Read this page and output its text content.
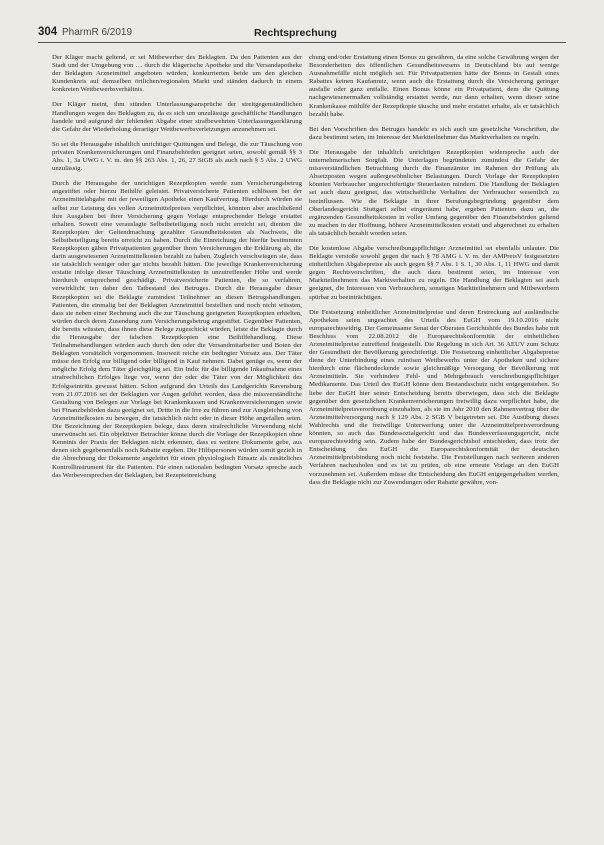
304 PharmR 6/2019	Rechtsprechung

Der Kläger macht geltend, er sei Mitbewerber des Beklagten. Da den Patienten aus der Stadt und der Umgebung von … durch die klägerische Apotheke und die Versandapotheke der Beklagten Arzneimittel angeboten würden, konkurrierten beide um den gleichen Kundenkreis auf demselben örtlichen/regionalen Markt und ständen dadurch in einem konkreten Wettbewerbsverhältnis.

Der Kläger meint, ihm stünden Unterlassungsansprüche der streitgegenständlichen Handlungen wegen des Beklagten zu, da es sich um unzulässige geschäftliche Handlungen handele und aufgrund der fehlenden Abgabe einer strafbewehrten Unterlassungserklärung die Gefahr der Wiederholung derartiger Wettbewerbsverletzungen anzunehmen sei.

So sei die Herausgabe inhaltlich unrichtiger Quittungen und Belege, die zur Täuschung von privaten Krankenversicherungen und Finanzbehörden geeignet seien, sowohl gemäß §§ 3 Abs. 1, 3a UWG i. V. m. den §§ 263 Abs. 1, 26, 27 StGB als auch nach § 5 Abs. 2 UWG unzulässig.

Durch die Herausgabe der unrichtigen Rezeptkopien werde zum Versicherungsbetrug angestiftet oder hierzu Beihilfe geleistet. Privatversicherte Patienten schlössen bei der Arzneimittelabgabe mit der jeweiligen Apotheke einen Kaufvertrag. Hierdurch würden sie selbst zur Leistung des vollen Arzneimittelpreises verpflichtet, könnten aber anschließend ihre Ausgaben bei ihrer Versicherung gegen Vorlage entsprechender Belege erstattet erhalten. Soweit eine verauslagte Selbstbeteiligung noch nicht erreicht sei, dienten die Rezeptkopien der Geltendmachung gezahlter Gesundheitskosten als Nachweis, die Selbstbeteiligung bereits erreicht zu haben. Durch die Einreichung der hierfür bestimmten Rezeptkopien gäben Privatpatienten gegenüber ihren Versicherungen die Erklärung ab, die darin ausgewiesenen Arzneimittelkosten bezahlt zu haben. Zugleich verschwiegen sie, dass sie tatsächlich weniger oder gar nichts bezahlt hätten. Die jeweilige Krankenversicherung erstatte infolge dieser Täuschung Arzneimittelkosten in unzutreffender Höhe und werde hierdurch entsprechend geschädigt. Privatversicherte Patienten, die so verfahren, verwirklicht ten daher den Tatbestand des Betruges. Durch die Herausgabe dieser Rezeptkopien sei die Beklagte zumindest Teilnehmer an diesen Betrugshandlungen. Patienten, die einmalig bei der Beklagten Arzneimittel bestellten und noch nicht wüssten, dass sie neben einer Rechnung auch die zur Täuschung geeigneten Rezeptkopien erhielten, würden durch deren Zusendung zum Versicherungsbetrug angestiftet. Gegenüber Patienten, die bereits wüssten, dass ihnen diese Belege zugeschickt würden, leiste die Beklagte durch die Herausgabe der falschen Rezeptkopien eine Beihilfehandlung. Diese Teilnahmehandlungen würden auch durch den oder die Versandmitarbeiter und Boten der Beklagten vorsätzlich vorgenommen. Insoweit reiche ein bedingter Vorsatz aus. Der Täter müsse den Erfolg nur billigend oder billigend in Kauf nehmen. Dabei genüge es, wenn der mögliche Erfolg dem Täter gleichgültig sei. Ein Indiz für die billigende Inkaufnahme eines strafrechtlichen Erfolges liege vor, wenn der oder die Täter von der Möglichkeit des Erfolgseintritts gewusst hätten. Schon aufgrund des Urteils des Landgerichts Ravensburg vom 21.07.2016 sei der Beklagten vor Augen geführt worden, dass die missverständliche Gestaltung von Belegen zur Vorlage bei Krankenkassen und Krankenversicherungen sowie bei Finanzbehörden dazu geeignet sei, Dritte in die Irre zu führen und zur Ausgleichung von Arzneimittelkosten zu bewegen, die tatsächlich nicht oder in dieser Höhe angefallen seien. Die Bezeichnung der Rezeptkopien belege, dass deren strafrechtliche Verwendung nicht unerwünscht sei. Ein objektiver Betrachter könne durch die Vorlage der Rezeptkopien ohne Kenntnis der Praxis der Beklagten nicht erkennen, dass es weitere Dokumente gebe, aus denen sich gegebenenfalls noch Rabatte ergeben. Die Hilfspersonen würden somit gezielt in die Abrechnung der Dokumente angeleitet für einen physiologisch Einsatz als zusätzliches Kontrollinstrument für die Patienten. Für einen rationalen bedingten Vorsatz spreche auch das Werbeversprechen der Beklagten, bei Rezepteinreichung

chung und/oder Erstattung einen Bonus zu gewähren, da eine solche Gewährung wegen der Besonderheiten des öffentlichen Gesundheitswesens in Deutschland bis auf wenige Ausnahmefälle nicht möglich sei. Für Privatpatienten hätte der Bonus in Gestalt eines Rabattes keinen Kaufanreiz, wenn auch die Erstattung durch die Versicherung geringer ausfalle oder ganz entfalle. Einen Bonus könne ein Privatpatient, dem die Quittung nachgewiesenermaßen vollständig erstattet werde, nur dann erhalten, wenn dieser seine Krankenkasse mithilfe der Rezeptkopie täusche und mehr erstattet erhalte, als er tatsächlich bezahlt habe.

Bei den Vorschriften des Betruges handele es sich auch um gesetzliche Vorschriften, die dazu bestimmt seien, im Interesse der Marktteilnehmer das Marktverhalten zu regeln.

Die Herausgabe der inhaltlich unrichtigen Rezeptkopien widerspreche auch der unternehmerischen Sorgfalt. Die Unterlagen begründeten zumindest die Gefahr der missverständlichen Betrachtung durch die Finanzämter im Rahmen der Prüfung als Absetzposten wegen außergewöhnlicher Belastungen. Durch Vorlage der Rezeptkopien könnten Verbraucher ungerechtfertigte Steuerlasten mindern. Die Handlung der Beklagten sei auch dazu geeignet, das wirtschaftliche Verhalten der Verbraucher wesentlich zu beeinflussen. Wie die Beklagte in ihrer Berufungsbegründung gegenüber dem Oberlandesgericht Stuttgart selbst eingeräumt habe, ergeben Patienten dazu an, die ergänzenden Gesundheitskosten in voller Umfang gegenüber den Finanzbehörden geltend zu machen in der Hoffnung, höhere Arzneimittelkosten erstatt und abgerechnet zu erhalten als tatsächlich bezahlt worden seien.

Die kostenlose Abgabe verschreibungspflichtiger Arzneimittel sei ebenfalls unlauter. Die Beklagte verstoße sowohl gegen die nach § 78 AMG i. V. m. der AMPreisV festgesetzten einheitlichen Abgabepreise als auch gegen §§ 7 Abs. 1 S. 1, 30 Abs. 1, 11 HWG und damit gegen Rechtsvorschriften, die auch dazu bestimmt seien, im Interesse von Marktteilnehmern das Marktverhalten zu regeln. Die Handlung der Beklagten sei auch geeignet, die Interessen von Verbrauchern, sonstigen Marktteilnehmern und Mitbewerbern spürbar zu beeinträchtigen.

Die Festsetzung einheitlicher Arzneimittelpreise und deren Erstreckung auf ausländische Apotheken seien ungeachtet des Urteils des EuGH vom 19.10.2016 nicht europarechtswidrig. Der Gemeinsame Senat der Obersten Gerichtshöfe des Bundes habe mit Beschluss vom 22.08.2012 die Europarechtskonformität der einheitlichen Arzneimittelpreise zutreffend festgestellt. Die Regelung in sich Art. 36 AEUV zum Schutz der Gesundheit der Bevölkerung gerechtfertigt. Die Festsetzung einheitlicher Abgabepreise diene der Unterbindung eines ruinösen Wettbewerbs unter der Apotheken und sichere hierdurch eine flächendeckende sowie gleichmäßige Versorgung der Bevölkerung mit Arzneimitteln. Sie verhindere Fehl- und Mehrgebrauch verschreibungspflichtiger Medikamente. Das Urteil des EuGH könne dem Bestandsschutz nicht entgegenstehen. So liebe der EuGH hier seiner Entscheidung bereits überwiegen, dass sich die Beklagte gegenüber den gesetzlichen Krankenversicherungen freiwillig dazu verpflichtet habe, die Arzneimittelpreisverordnung einzuhalten, als sie im Jahr 2010 den Rahmenvertrag über die Arzneimittelversorgung nach § 129 Abs. 2 SGB V beigetreten sei. Die Ausübung dieses Wahlrechts und die freiwillige Unterwerfung unter die Arzneimittelpreisverordnung könnten, so auch das Bundessozialgericht und das Bundesverfassungsgericht, nicht europarechtswidrig sein. Zudem habe der Bundesgerichtshof entschieden, dass trotz der Entscheidung des EuGH die Europarechtskonformität der deutschen Arzneimittelpreisbindung noch nicht feststehe. Die Feststellungen nach weiteren anderen Verfahren nachzuholen und es ist zu prüfen, ob eine erneute Vorlage an den EuGH vorzunehmen sei. Außerdem müsse die Entscheidung des EuGH entgegengehalten werden, dass die Beklagte nicht zur Zuwendungen oder Rabatte gewähre, von-
